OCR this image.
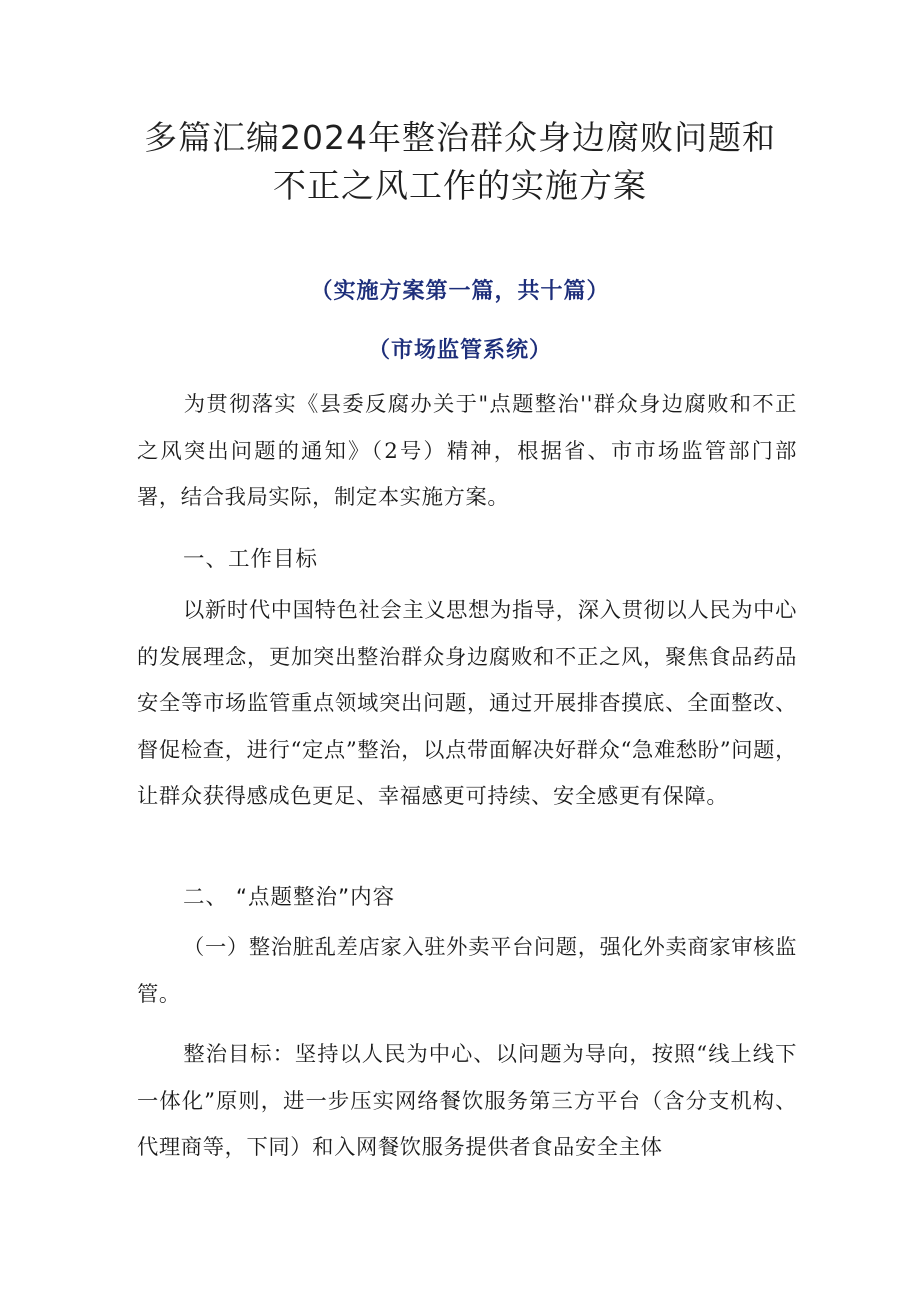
多篇汇编2024年整治群众身边腐败问题和
不正之风工作的实施方案
（实施方案第一篇，共十篇）
（市场监管系统）

为贯彻落实《县委反腐办关于"点题整治''群众身边腐败和不正之风突出问题的通知》（2号）精神，根据省、市市场监管部门部署，结合我局实际，制定本实施方案。

一、工作目标

以新时代中国特色社会主义思想为指导，深入贯彻以人民为中心的发展理念，更加突出整治群众身边腐败和不正之风，聚焦食品药品安全等市场监管重点领域突出问题，通过开展排杳摸底、全面整改、督促检查，进行“定点”整治，以点带面解决好群众“急难愁盼”问题，让群众获得感成色更足、幸福感更可持续、安全感更有保障。

二、 “点题整治”内容

（一）整治脏乱差店家入驻外卖平台问题，强化外卖商家审核监管。

整治目标：坚持以人民为中心、以问题为导向，按照“线上线下一体化”原则，进一步压实网络餐饮服务第三方平台（含分支机构、代理商等，下同）和入网餐饮服务提供者食品安全主体
